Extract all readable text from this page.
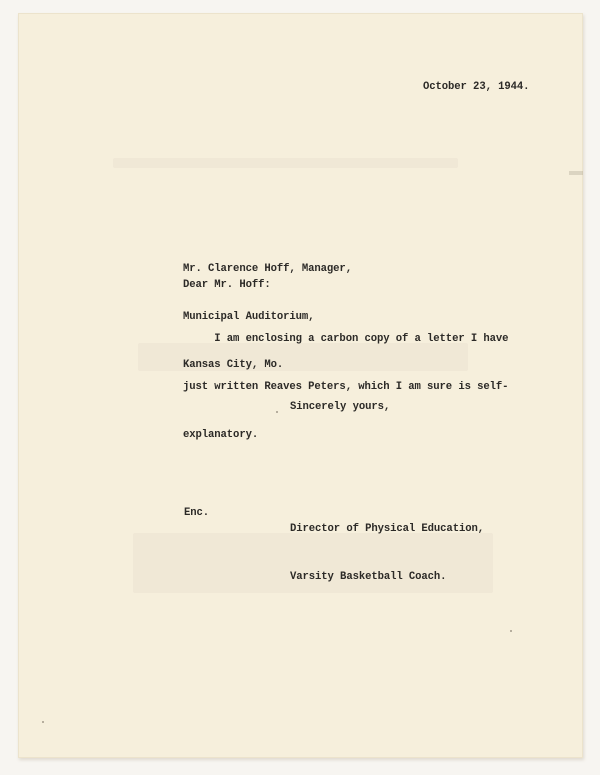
October 23, 1944.

Mr. Clarence Hoff, Manager,

Municipal Auditorium,

Kansas City, Mo.

Dear Mr. Hoff:

I am enclosing a carbon copy of a letter I have

just written Reaves Peters, which I am sure is self-

explanatory.

Sincerely yours,

Director of Physical Education,

Varsity Basketball Coach.

Enc.
